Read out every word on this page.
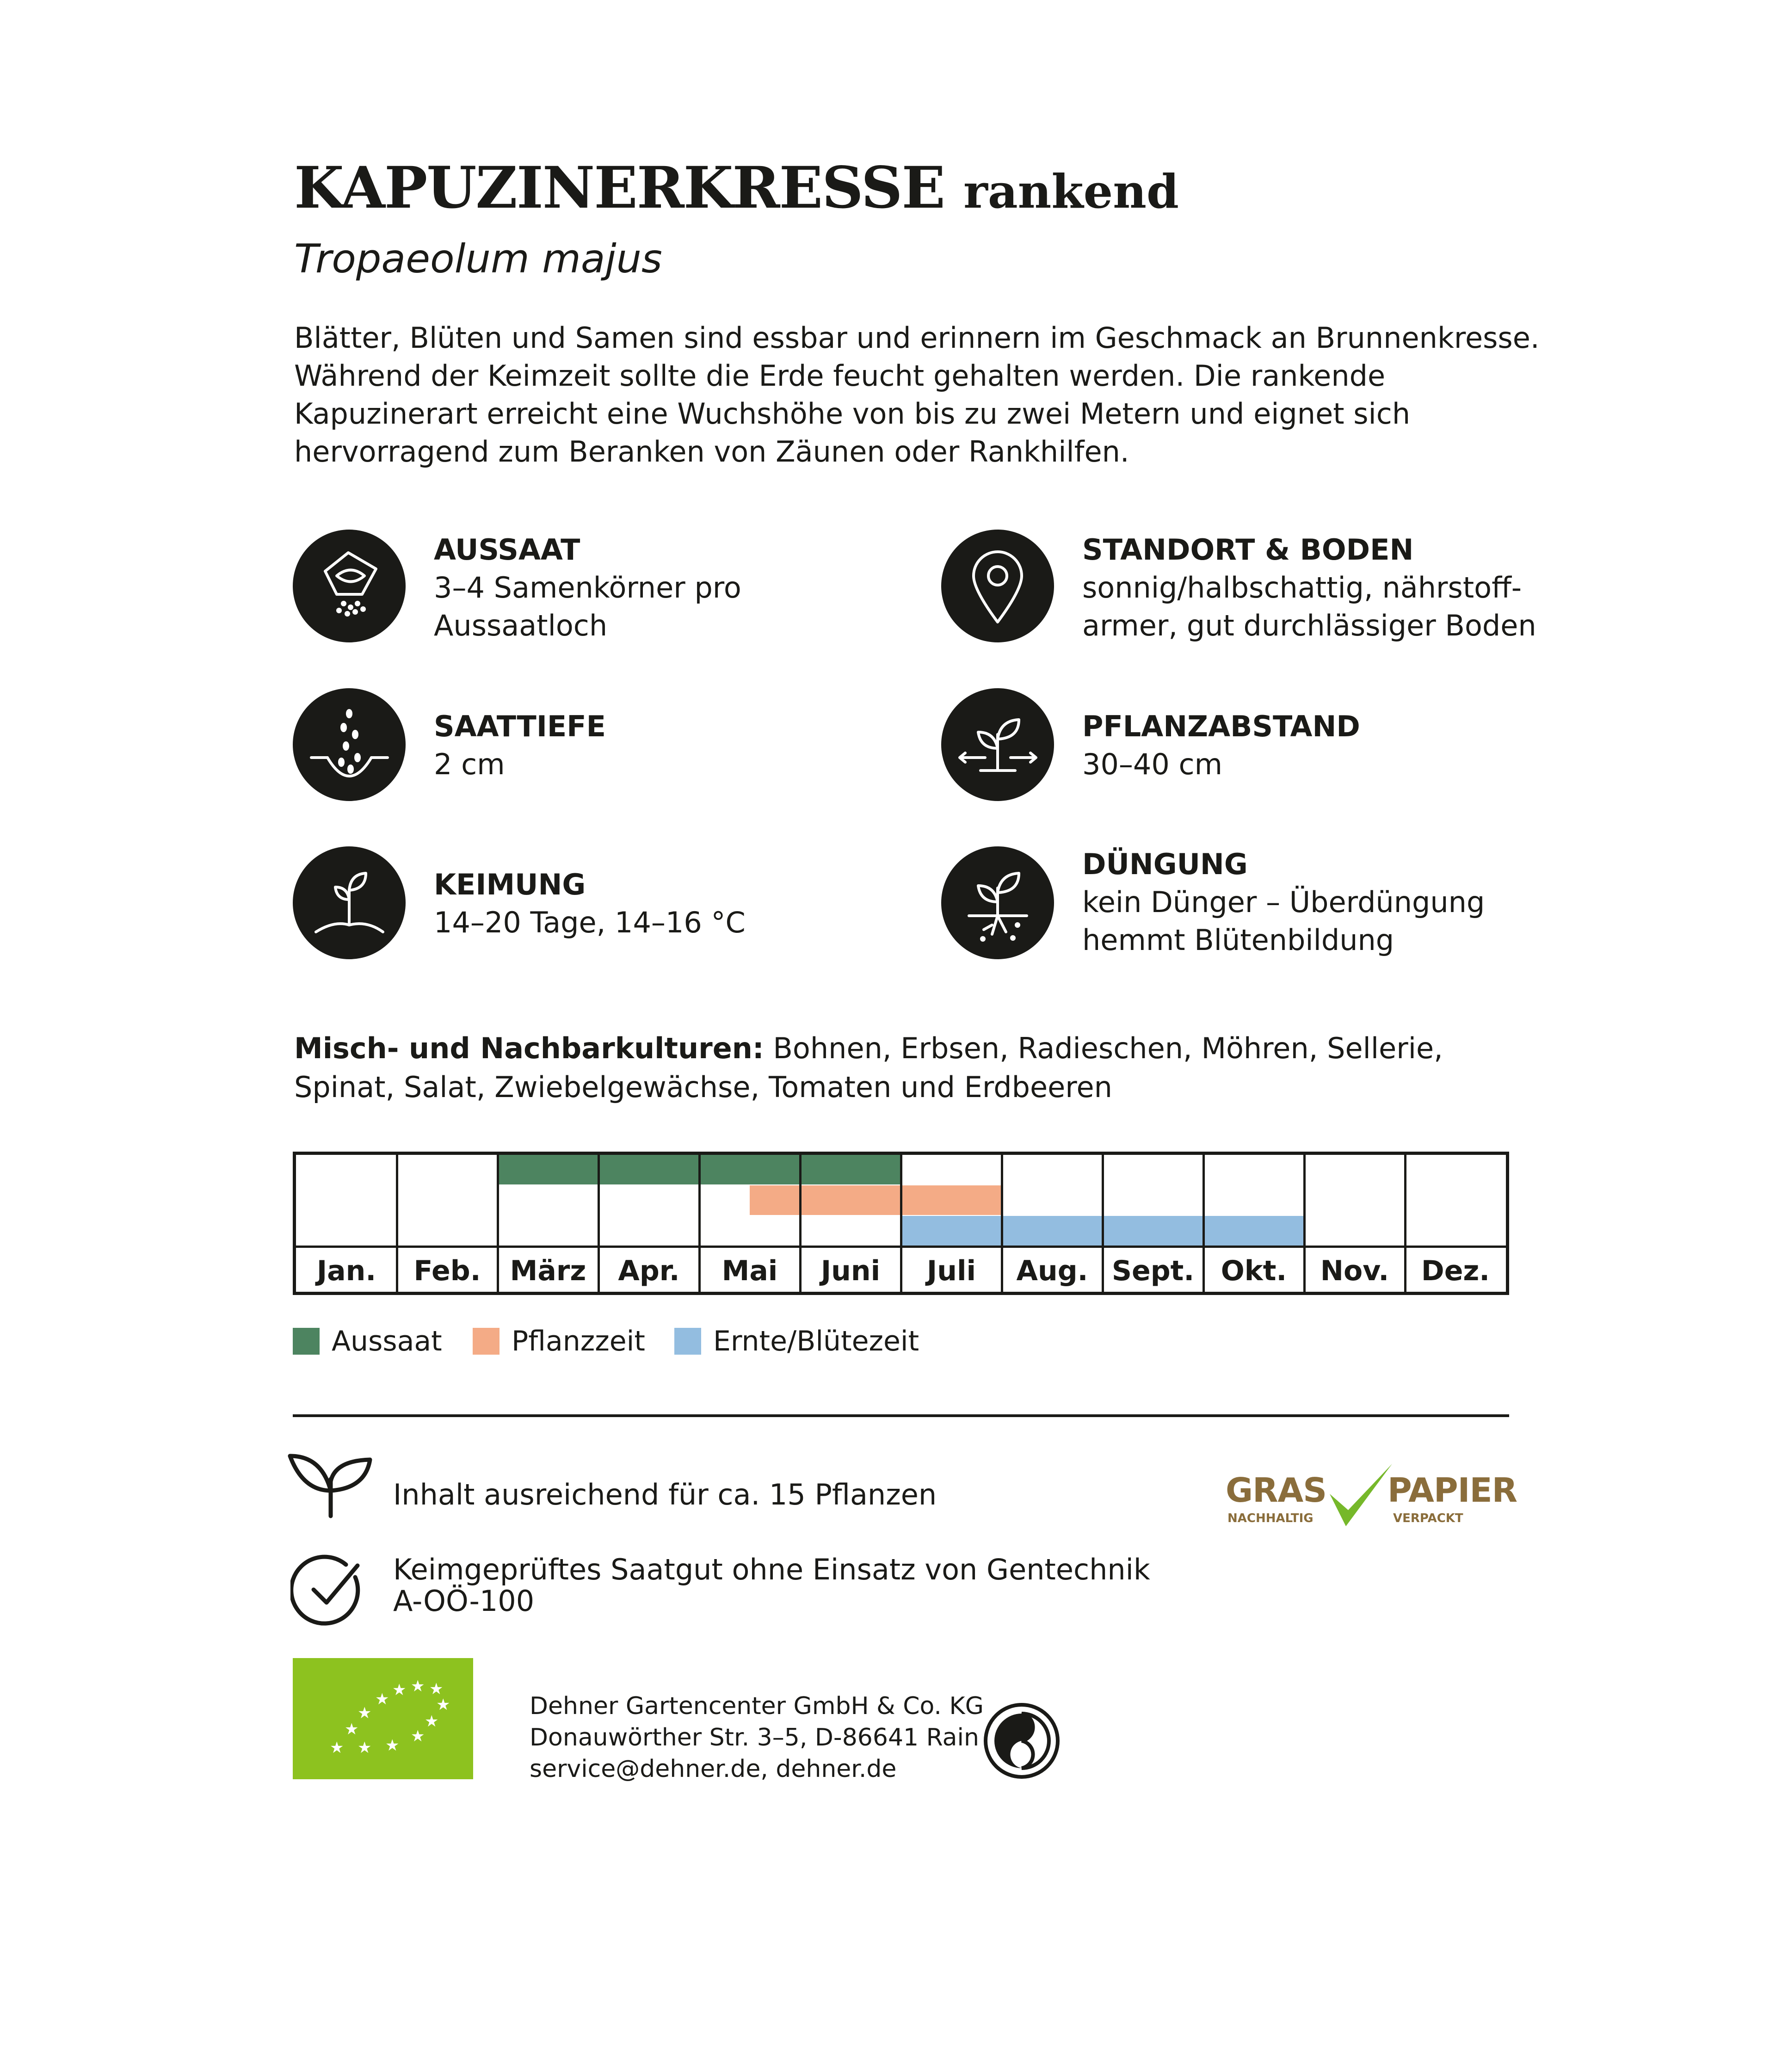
KAPUZINERKRESSE rankend
Tropaeolum majus
Blätter, Blüten und Samen sind essbar und erinnern im Geschmack an Brunnenkresse. Während der Keimzeit sollte die Erde feucht gehalten werden. Die rankende Kapuzinerart erreicht eine Wuchshöhe von bis zu zwei Metern und eignet sich hervorragend zum Beranken von Zäunen oder Rankhilfen.
AUSSAAT
3–4 Samenkörner pro
Aussaatloch
SAATTIEFE
2 cm
KEIMUNG
14–20 Tage, 14–16 °C
STANDORT & BODEN
sonnig/halbschattig, nährstoff-
armer, gut durchlässiger Boden
PFLANZABSTAND
30–40 cm
DÜNGUNG
kein Dünger – Überdüngung
hemmt Blütenbildung
Misch- und Nachbarkulturen: Bohnen, Erbsen, Radieschen, Möhren, Sellerie, Spinat, Salat, Zwiebelgewächse, Tomaten und Erdbeeren
Jan.	Feb.	März	Apr.	Mai	Juni	Juli	Aug. Sept. Okt.	Nov.	Dez.
Aussaat	Pflanzzeit Ernte/Blütezeit
Inhalt ausreichend für ca. 15 Pflanzen
Keimgeprüftes Saatgut ohne Einsatz von Gentechnik
A-OÖ-100
GRAS PAPIER
NACHHALTIG	VERPACKT
★ ★ ★
★	★
★	★
★	★
★ ★ ★
Dehner Gartencenter GmbH & Co. KG
Donauwörther Str. 3–5, D-86641 Rain
service@dehner.de, dehner.de
